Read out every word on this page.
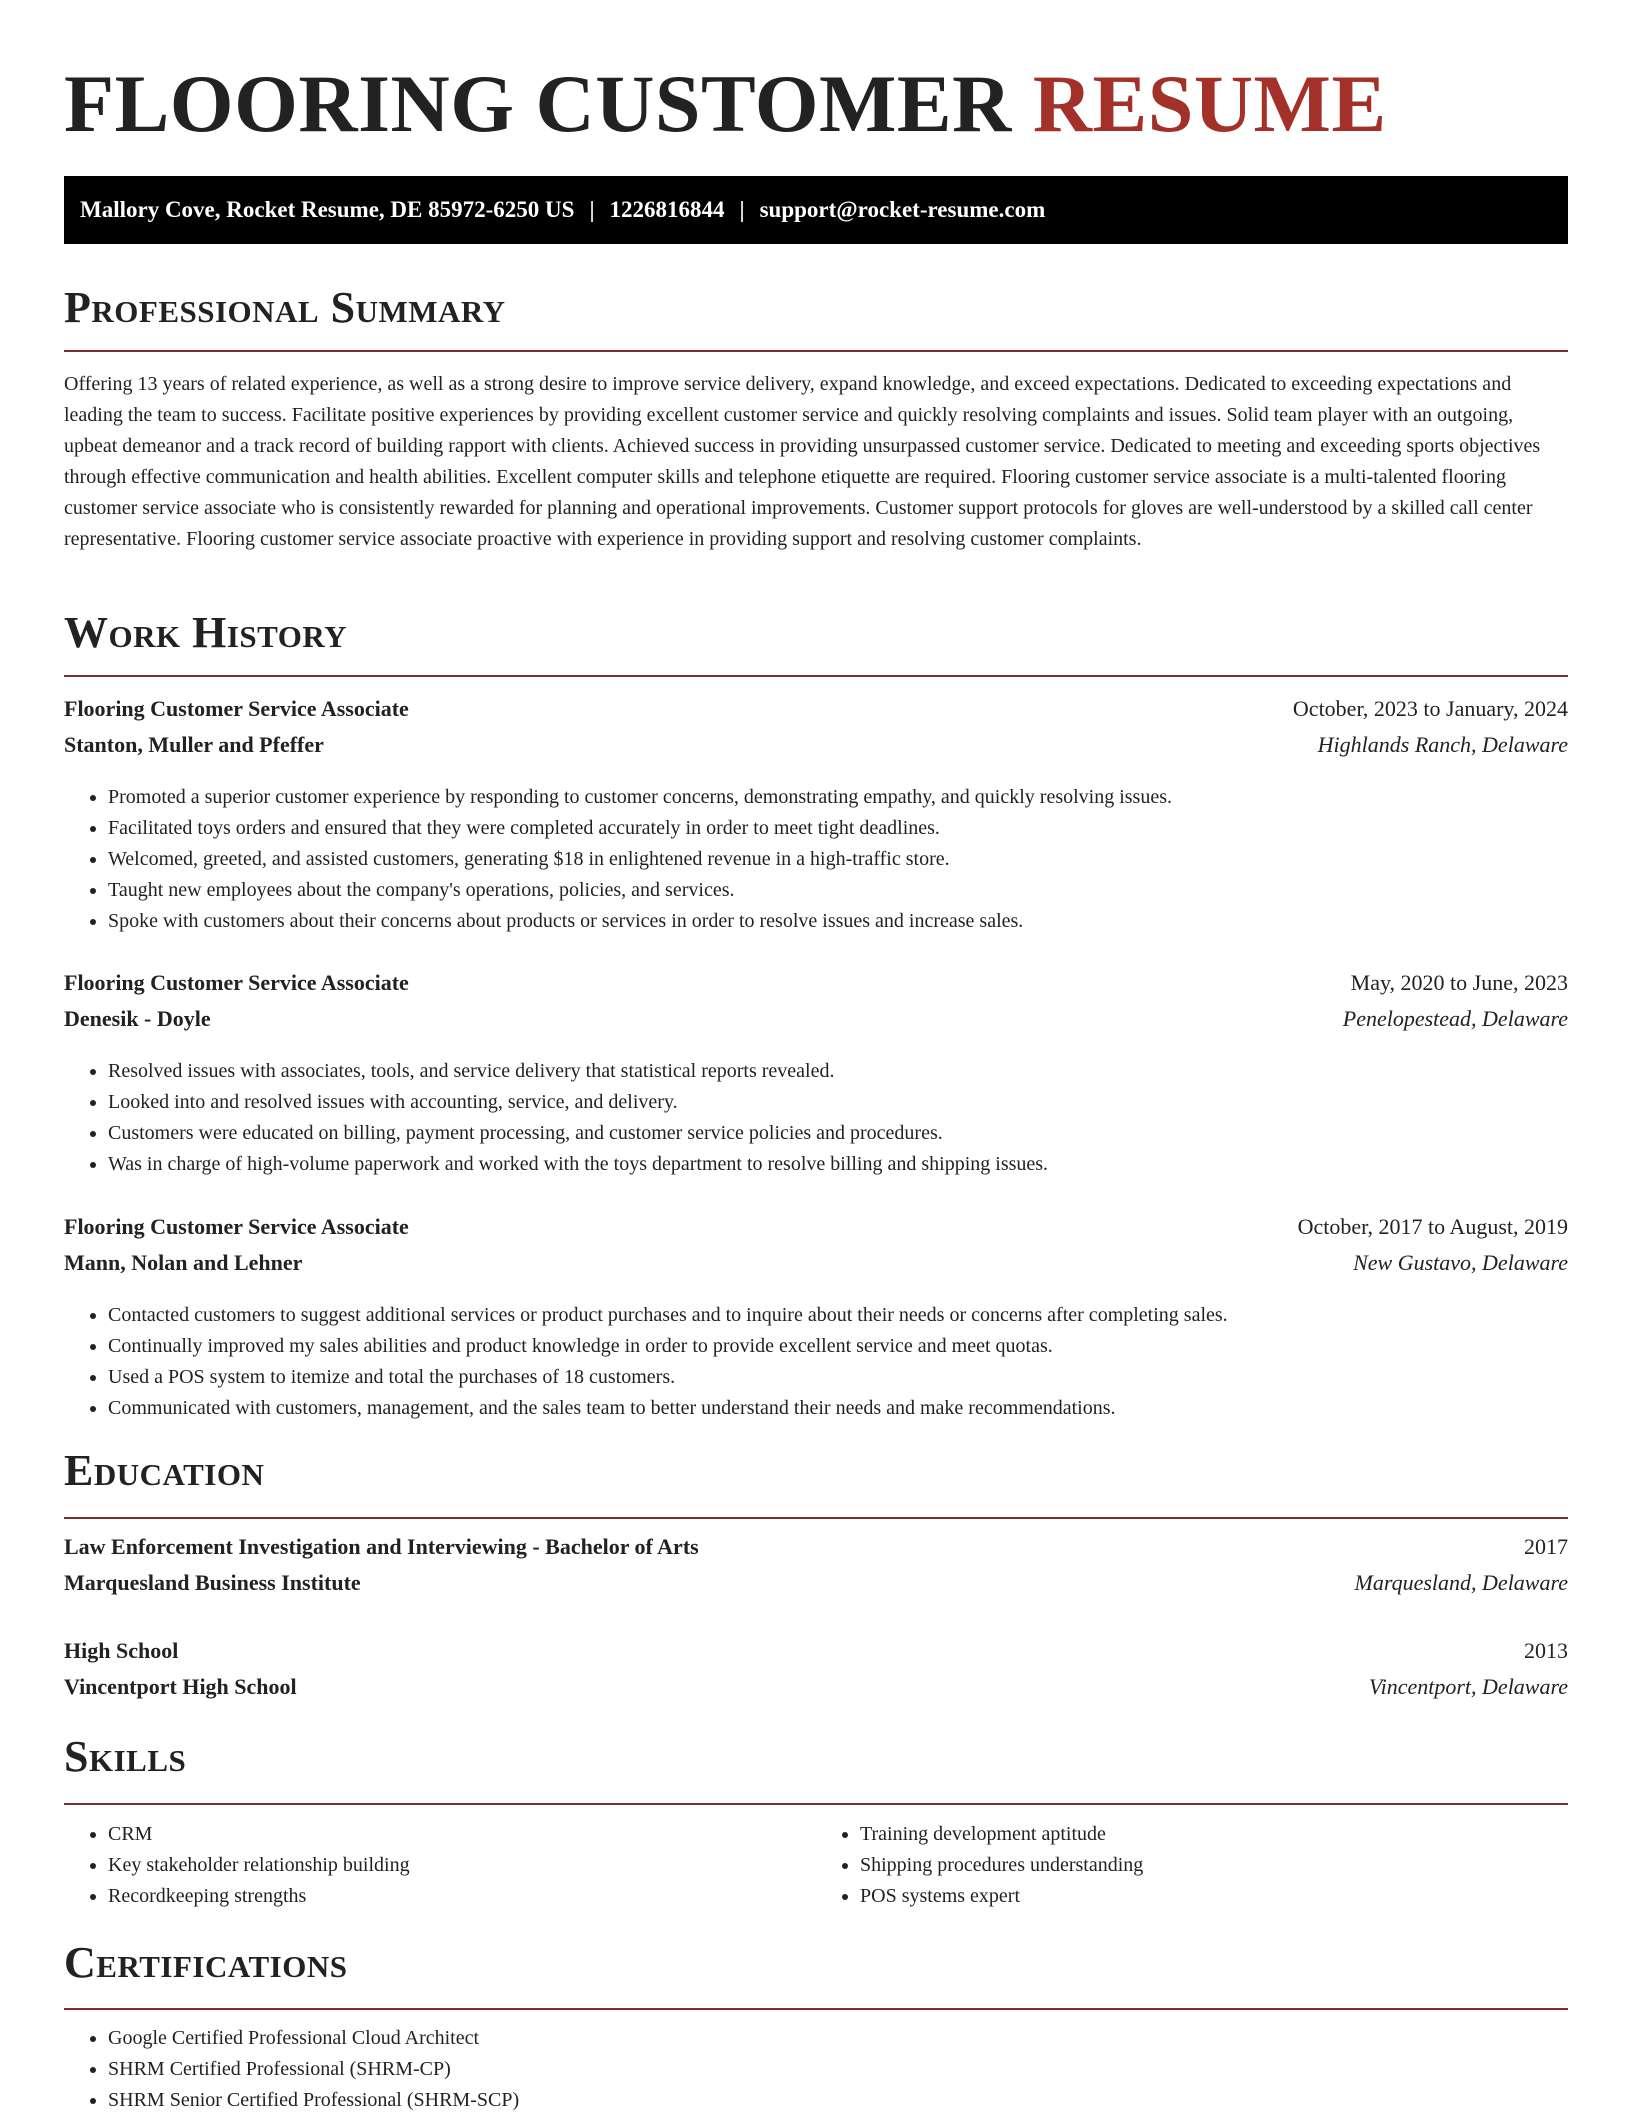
FLOORING CUSTOMER RESUME
Mallory Cove, Rocket Resume, DE 85972-6250 US | 1226816844 | support@rocket-resume.com
Professional Summary

Offering 13 years of related experience, as well as a strong desire to improve service delivery, expand knowledge, and exceed expectations. Dedicated to exceeding expectations and leading the team to success. Facilitate positive experiences by providing excellent customer service and quickly resolving complaints and issues. Solid team player with an outgoing, upbeat demeanor and a track record of building rapport with clients. Achieved success in providing unsurpassed customer service. Dedicated to meeting and exceeding sports objectives through effective communication and health abilities. Excellent computer skills and telephone etiquette are required. Flooring customer service associate is a multi-talented flooring customer service associate who is consistently rewarded for planning and operational improvements. Customer support protocols for gloves are well-understood by a skilled call center representative. Flooring customer service associate proactive with experience in providing support and resolving customer complaints.

Work History
Flooring Customer Service Associate	October, 2023 to January, 2024
Stanton, Muller and Pfeffer	Highlands Ranch, Delaware
• Promoted a superior customer experience by responding to customer concerns, demonstrating empathy, and quickly resolving issues.
• Facilitated toys orders and ensured that they were completed accurately in order to meet tight deadlines.
• Welcomed, greeted, and assisted customers, generating $18 in enlightened revenue in a high-traffic store.
• Taught new employees about the company's operations, policies, and services.
• Spoke with customers about their concerns about products or services in order to resolve issues and increase sales.
Flooring Customer Service Associate	May, 2020 to June, 2023
Denesik - Doyle	Penelopestead, Delaware
• Resolved issues with associates, tools, and service delivery that statistical reports revealed.
• Looked into and resolved issues with accounting, service, and delivery.
• Customers were educated on billing, payment processing, and customer service policies and procedures.
• Was in charge of high-volume paperwork and worked with the toys department to resolve billing and shipping issues.
Flooring Customer Service Associate	October, 2017 to August, 2019
Mann, Nolan and Lehner	New Gustavo, Delaware
• Contacted customers to suggest additional services or product purchases and to inquire about their needs or concerns after completing sales.
• Continually improved my sales abilities and product knowledge in order to provide excellent service and meet quotas.
• Used a POS system to itemize and total the purchases of 18 customers.
• Communicated with customers, management, and the sales team to better understand their needs and make recommendations.
Education
Law Enforcement Investigation and Interviewing - Bachelor of Arts	2017
Marquesland Business Institute	Marquesland, Delaware
High School	2013
Vincentport High School	Vincentport, Delaware
Skills
• CRM
• Key stakeholder relationship building
• Recordkeeping strengths
• Training development aptitude
• Shipping procedures understanding
• POS systems expert
Certifications
• Google Certified Professional Cloud Architect
• SHRM Certified Professional (SHRM-CP)
• SHRM Senior Certified Professional (SHRM-SCP)
